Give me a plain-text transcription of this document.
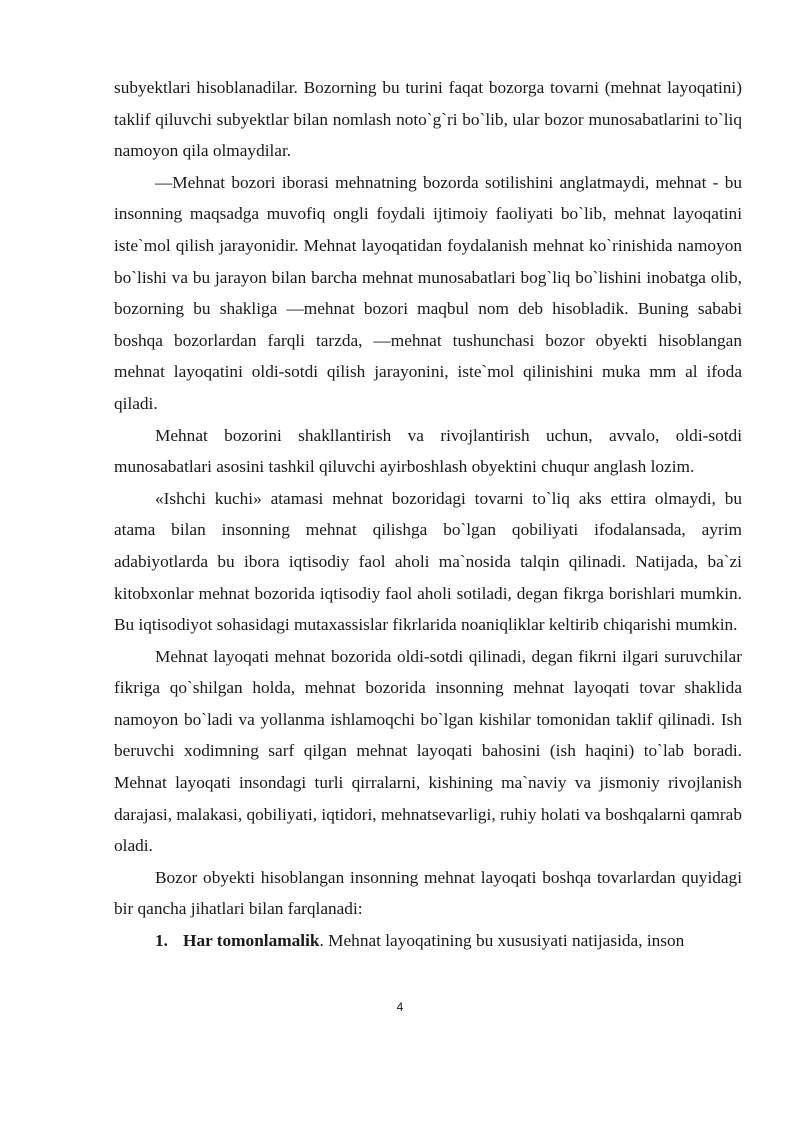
subyektlari hisoblanadilar. Bozorning bu turini faqat bozorga tovarni (mehnat layoqatini) taklif qiluvchi subyektlar bilan nomlash noto`g`ri bo`lib, ular bozor munosabatlarini to`liq namoyon qila olmaydilar.

—Mehnat bozori iborasi mehnatning bozorda sotilishini anglatmaydi, mehnat - bu insonning maqsadga muvofiq ongli foydali ijtimoiy faoliyati bo`lib, mehnat layoqatini iste`mol qilish jarayonidir. Mehnat layoqatidan foydalanish mehnat ko`rinishida namoyon bo`lishi va bu jarayon bilan barcha mehnat munosabatlari bog`liq bo`lishini inobatga olib, bozorning bu shakliga —mehnat bozori maqbul nom deb hisobladik. Buning sababi boshqa bozorlardan farqli tarzda, —mehnat tushunchasi bozor obyekti hisoblangan mehnat layoqatini oldi-sotdi qilish jarayonini, iste`mol qilinishini muka mm al ifoda qiladi.

Mehnat bozorini shakllantirish va rivojlantirish uchun, avvalo, oldi-sotdi munosabatlari asosini tashkil qiluvchi ayirboshlash obyektini chuqur anglash lozim.

«Ishchi kuchi» atamasi mehnat bozoridagi tovarni to`liq aks ettira olmaydi, bu atama bilan insonning mehnat qilishga bo`lgan qobiliyati ifodalansada, ayrim adabiyotlarda bu ibora iqtisodiy faol aholi ma`nosida talqin qilinadi. Natijada, ba`zi kitobxonlar mehnat bozorida iqtisodiy faol aholi sotiladi, degan fikrga borishlari mumkin. Bu iqtisodiyot sohasidagi mutaxassislar fikrlarida noaniqliklar keltirib chiqarishi mumkin.

Mehnat layoqati mehnat bozorida oldi-sotdi qilinadi, degan fikrni ilgari suruvchilar fikriga qo`shilgan holda, mehnat bozorida insonning mehnat layoqati tovar shaklida namoyon bo`ladi va yollanma ishlamoqchi bo`lgan kishilar tomonidan taklif qilinadi. Ish beruvchi xodimning sarf qilgan mehnat layoqati bahosini (ish haqini) to`lab boradi. Mehnat layoqati insondagi turli qirralarni, kishining ma`naviy va jismoniy rivojlanish darajasi, malakasi, qobiliyati, iqtidori, mehnatsevarligi, ruhiy holati va boshqalarni qamrab oladi.

Bozor obyekti hisoblangan insonning mehnat layoqati boshqa tovarlardan quyidagi bir qancha jihatlari bilan farqlanadi:

1. Har tomonlamalik. Mehnat layoqatining bu xususiyati natijasida, inson

4
